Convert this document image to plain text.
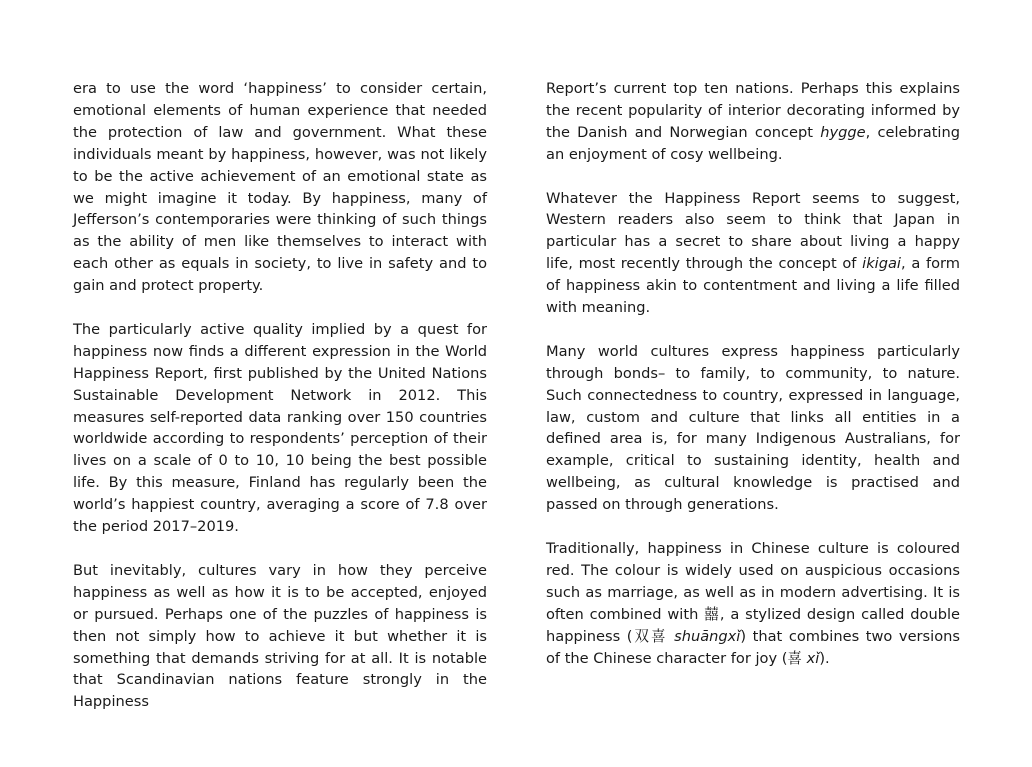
era to use the word ‘happiness’ to consider certain, emotional elements of human experience that needed the protection of law and government. What these individuals meant by happiness, however, was not likely to be the active achievement of an emotional state as we might imagine it today. By happiness, many of Jefferson’s contemporaries were thinking of such things as the ability of men like themselves to interact with each other as equals in society, to live in safety and to gain and protect property.

The particularly active quality implied by a quest for happiness now finds a different expression in the World Happiness Report, first published by the United Nations Sustainable Development Network in 2012. This measures self-reported data ranking over 150 countries worldwide according to respondents’ perception of their lives on a scale of 0 to 10, 10 being the best possible life. By this measure, Finland has regularly been the world’s happiest country, averaging a score of 7.8 over the period 2017–2019.

But inevitably, cultures vary in how they perceive happiness as well as how it is to be accepted, enjoyed or pursued. Perhaps one of the puzzles of happiness is then not simply how to achieve it but whether it is something that demands striving for at all. It is notable that Scandinavian nations feature strongly in the Happiness

Report’s current top ten nations. Perhaps this explains the recent popularity of interior decorating informed by the Danish and Norwegian concept hygge, celebrating an enjoyment of cosy wellbeing.

Whatever the Happiness Report seems to suggest, Western readers also seem to think that Japan in particular has a secret to share about living a happy life, most recently through the concept of ikigai, a form of happiness akin to contentment and living a life filled with meaning.

Many world cultures express happiness particularly through bonds– to family, to community, to nature. Such connectedness to country, expressed in language, law, custom and culture that links all entities in a defined area is, for many Indigenous Australians, for example, critical to sustaining identity, health and wellbeing, as cultural knowledge is practised and passed on through generations.

Traditionally, happiness in Chinese culture is coloured red. The colour is widely used on auspicious occasions such as marriage, as well as in modern advertising. It is often combined with 囍, a stylized design called double happiness (双喜 shuāngxǐ) that combines two versions of the Chinese character for joy (喜 xǐ).
